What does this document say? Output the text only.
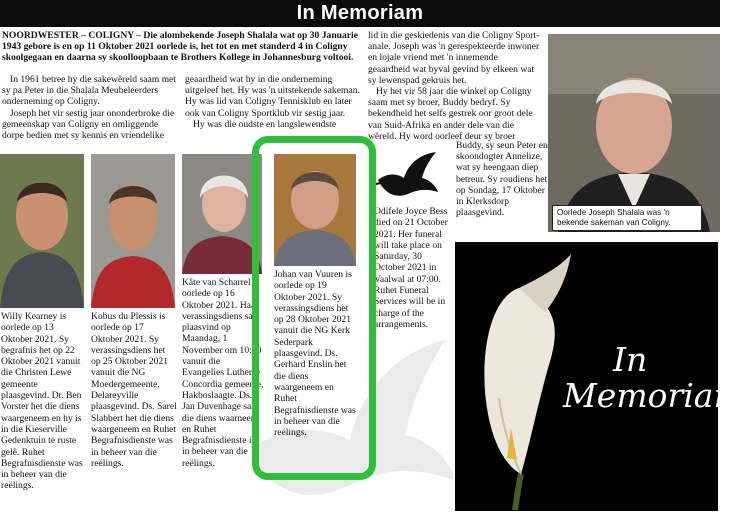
In Memoriam

NOORDWESTER – COLIGNY – Die alombekende Joseph Shalala wat op 30 Januarie 1943 gebore is en op 11 Oktober 2021 oorlede is, het tot en met standerd 4 in Coligny skoolgegaan en daarna sy skoolloopbaan te Brothers Kollege in Johannesburg voltooi.

In 1961 betree hy die sakewêreld saam met sy pa Peter in die Shalala Meubeleerders onderneming op Coligny.

Joseph het vir sestig jaar ononderbroke die gemeenskap van Coligny en omliggende dorpe bedien met sy kennis en vriendelike

geaardheid wat hy in die onderneming uitgeleef het. Hy was 'n uitstekende sakeman. Hy was lid van Coligny Tennisklub en later ook van Coligny Sportklub vir sestig jaar.

Hy was die oudste en langslewendste

lid in die geskiedenis van die Coligny Sport-anale. Joseph was 'n gerespekteerde inwoner en lojale vriend met 'n innemende geaardheid wat byval gevind by elkeen wat sy lewenspad gekruis het.

Hy het vir 58 jaar die winkel op Coligny saam met sy broer, Buddy bedryf. Sy bekendheid het selfs gestrek oor groot dele van Suid-Afrika en ander dele van die wêreld. Hy word oorleef deur sy broer

Buddy, sy seun Peter en skoondogter Annelize, wat sy heengaan diep betreur. Sy roudiens het op Sondag, 17 Oktober in Klerksdorp plaasgevind.	Oorlede Joseph Shalala was 'n bekende sakeman van Coligny.
Willy Kearney is oorlede op 13 Oktober 2021. Sy begrafnis het op 22 Oktober 2021 vanuit die Christen Lewe gemeente plaasgevind. Dr. Ben Vorster het die diens waargeneem en hy is in die Kieserville Gedenktuin te ruste gelê. Ruhet Begrafnisdienste was in beheer van die reëlings.
Kobus du Plessis is oorlede op 17 Oktober 2021. Sy verassingsdiens het op 25 Oktober 2021 vanuit die NG Moedergemeente, Delareyville plaasgevind. Ds. Sarel Slabbert het die diens waargeneem en Ruhet Begrafnisdienste was in beheer van die reëlings.
Kâte van Scharrel is oorlede op 16 Oktober 2021. Haar verassingsdiens sal plaasvind op Maandag, 1 November om 10:00 vanuit die Evangelies Lutherse Concordia gemeente, Hakboslaagte. Ds. Jan Duvenhage sal die diens waarneem en Ruhet Begrafnisdienste is in beheer van die reëlings.
Johan van Vuuren is oorlede op 19 Oktober 2021. Sy verassingsdiens het op 28 Oktober 2021 vanuit die NG Kerk Sederpark plaasgevind. Ds. Gerhard Enslin het die diens waargeneem en Ruhet Begrafnisdienste was in beheer van die reëlings.
Odifele Joyce Bess died on 21 October 2021. Her funeral will take place on Saturday, 30 October 2021 in Vaalwal at 07:00. Ruhet Funeral Services will be in charge of the arrangements.
In
Memoriam
